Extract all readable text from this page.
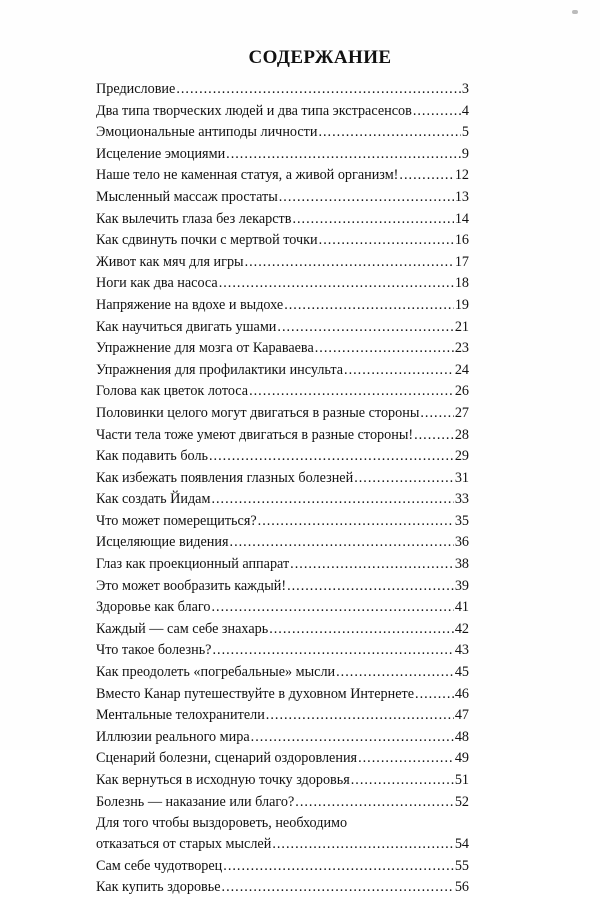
СОДЕРЖАНИЕ
Предисловие .....	3
Два типа творческих людей и два типа экстрасенсов .....	4
Эмоциональные антиподы личности .....	5
Исцеление эмоциями .....	9
Наше тело не каменная статуя, а живой организм! .....	12
Мысленный массаж простаты .....	13
Как вылечить глаза без лекарств .....	14
Как сдвинуть почки с мертвой точки .....	16
Живот как мяч для игры .....	17
Ноги как два насоса .....	18
Напряжение на вдохе и выдохе .....	19
Как научиться двигать ушами .....	21
Упражнение для мозга от Караваева .....	23
Упражнения для профилактики инсульта .....	24
Голова как цветок лотоса .....	26
Половинки целого могут двигаться в разные стороны ..... 27
Части тела тоже умеют двигаться в разные стороны! .....	28
Как подавить боль .....	29
Как избежать появления глазных болезней .....	31
Как создать Йидам .....	33
Что может померещиться? .....	35
Исцеляющие видения .....	36
Глаз как проекционный аппарат .....	38
Это может вообразить каждый! .....	39
Здоровье как благо .....	41
Каждый — сам себе знахарь .....	42
Что такое болезнь? .....	43
Как преодолеть «погребальные» мысли .....	45
Вместо Канар путешествуйте в духовном Интернете .....	46
Ментальные телохранители .....	47
Иллюзии реального мира .....	48
Сценарий болезни, сценарий оздоровления .....	49
Как вернуться в исходную точку здоровья .....	51
Болезнь — наказание или благо? .....	52
Для того чтобы выздороветь, необходимо
отказаться от старых мыслей .....	54
Сам себе чудотворец .....	55
Как купить здоровье .....	56
